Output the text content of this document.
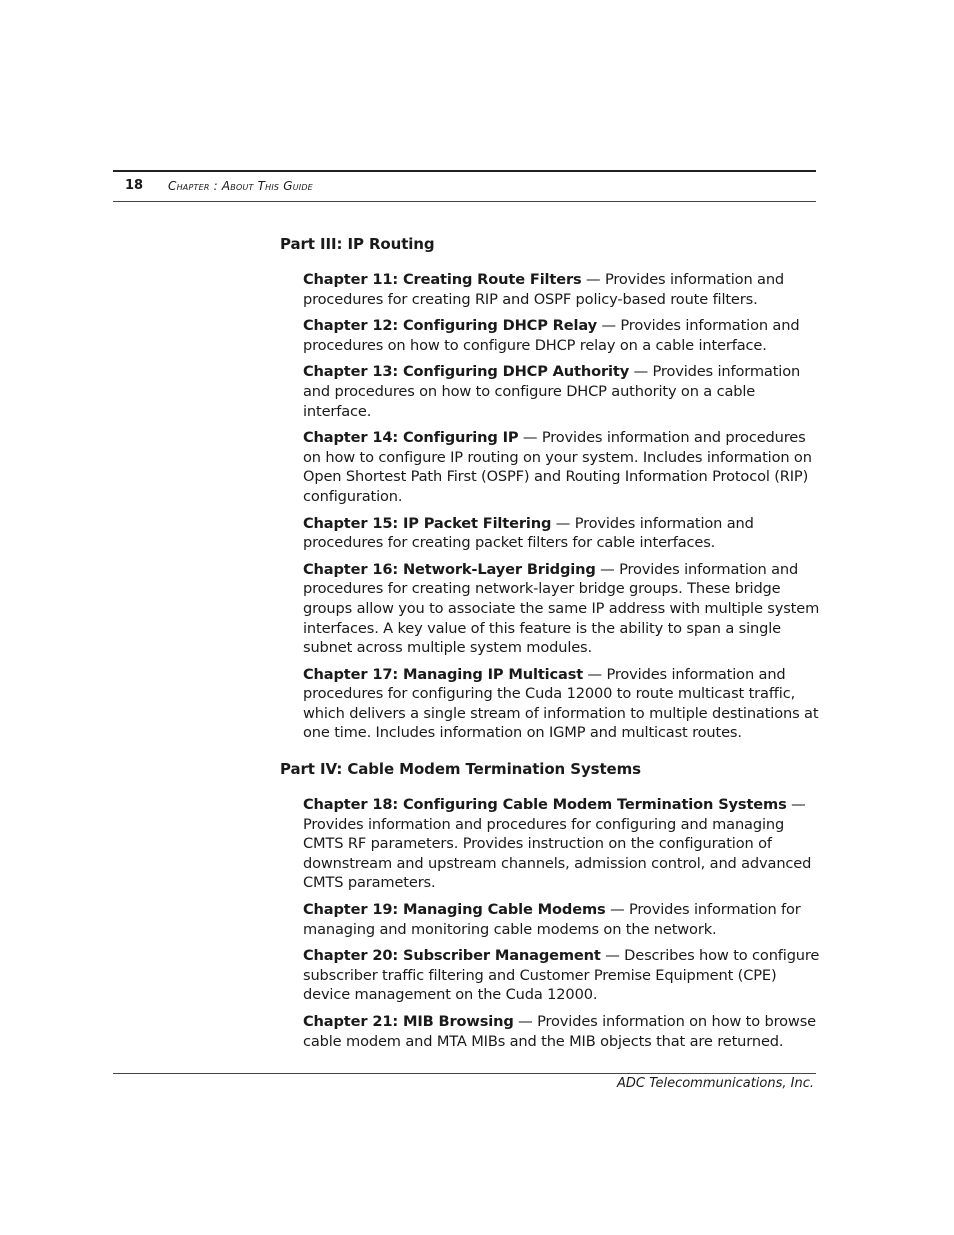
18 Chapter : About This Guide
Part III: IP Routing

Chapter 11: Creating Route Filters — Provides information and procedures for creating RIP and OSPF policy-based route filters.

Chapter 12: Configuring DHCP Relay — Provides information and procedures on how to configure DHCP relay on a cable interface.

Chapter 13: Configuring DHCP Authority — Provides information and procedures on how to configure DHCP authority on a cable interface.

Chapter 14: Configuring IP — Provides information and procedures on how to configure IP routing on your system. Includes information on Open Shortest Path First (OSPF) and Routing Information Protocol (RIP) configuration.

Chapter 15: IP Packet Filtering — Provides information and procedures for creating packet filters for cable interfaces.

Chapter 16: Network-Layer Bridging — Provides information and procedures for creating network-layer bridge groups. These bridge groups allow you to associate the same IP address with multiple system interfaces. A key value of this feature is the ability to span a single subnet across multiple system modules.

Chapter 17: Managing IP Multicast — Provides information and procedures for configuring the Cuda 12000 to route multicast traffic, which delivers a single stream of information to multiple destinations at one time. Includes information on IGMP and multicast routes.

Part IV: Cable Modem Termination Systems

Chapter 18: Configuring Cable Modem Termination Systems — Provides information and procedures for configuring and managing CMTS RF parameters. Provides instruction on the configuration of downstream and upstream channels, admission control, and advanced CMTS parameters.

Chapter 19: Managing Cable Modems — Provides information for managing and monitoring cable modems on the network.

Chapter 20: Subscriber Management — Describes how to configure subscriber traffic filtering and Customer Premise Equipment (CPE) device management on the Cuda 12000.

Chapter 21: MIB Browsing — Provides information on how to browse cable modem and MTA MIBs and the MIB objects that are returned.

ADC Telecommunications, Inc.
